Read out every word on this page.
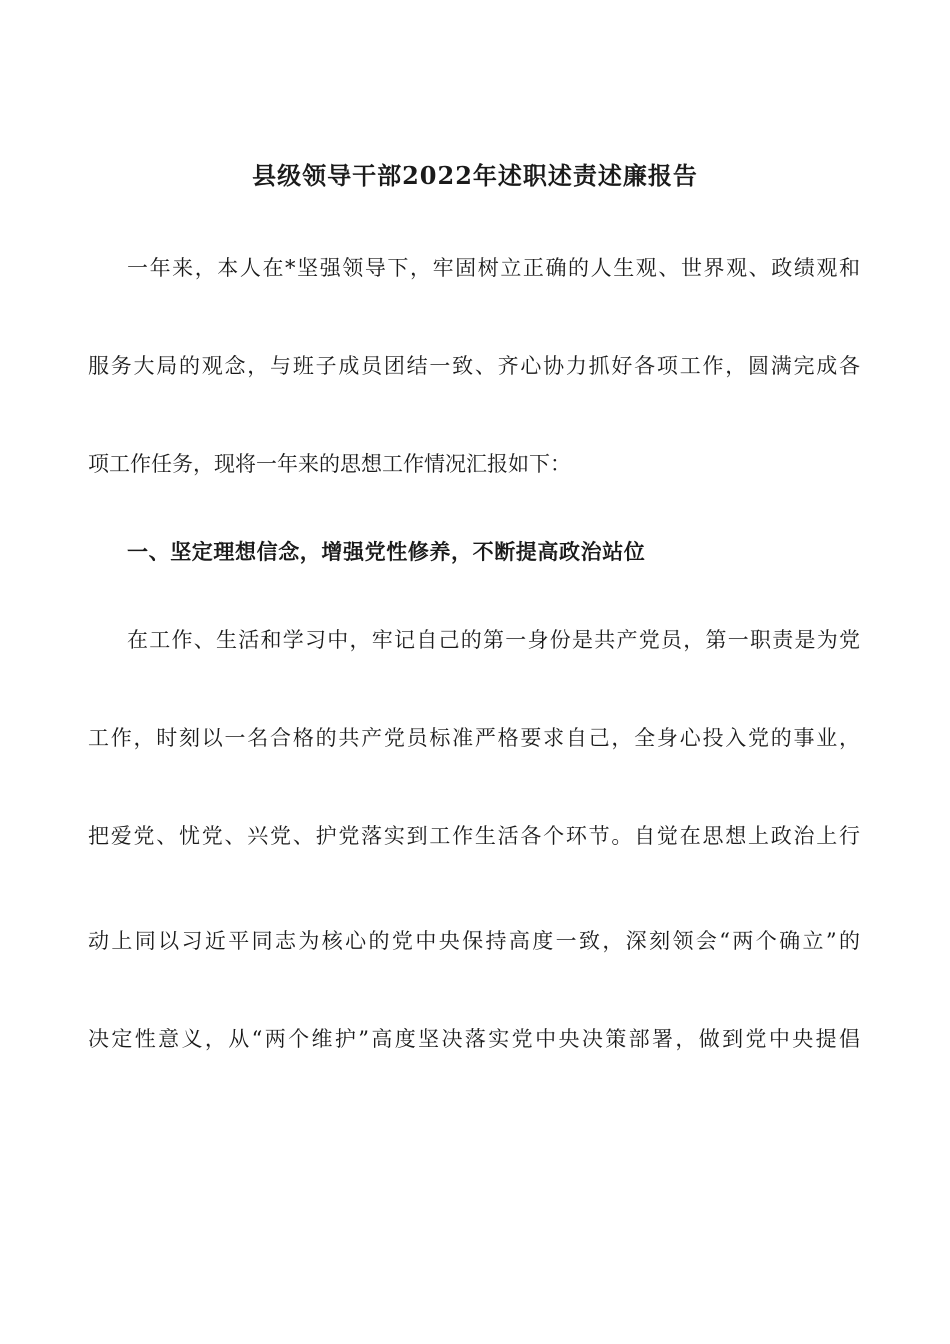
县级领导干部2022年述职述责述廉报告
一年来，本人在*坚强领导下，牢固树立正确的人生观、世界观、政绩观和
服务大局的观念，与班子成员团结一致、齐心协力抓好各项工作，圆满完成各
项工作任务，现将一年来的思想工作情况汇报如下：
一、坚定理想信念，增强党性修养，不断提高政治站位
在工作、生活和学习中，牢记自己的第一身份是共产党员，第一职责是为党
工作，时刻以一名合格的共产党员标准严格要求自己，全身心投入党的事业，
把爱党、忧党、兴党、护党落实到工作生活各个环节。自觉在思想上政治上行
动上同以习近平同志为核心的党中央保持高度一致，深刻领会“两个确立”的
决定性意义，从“两个维护”高度坚决落实党中央决策部署，做到党中央提倡
